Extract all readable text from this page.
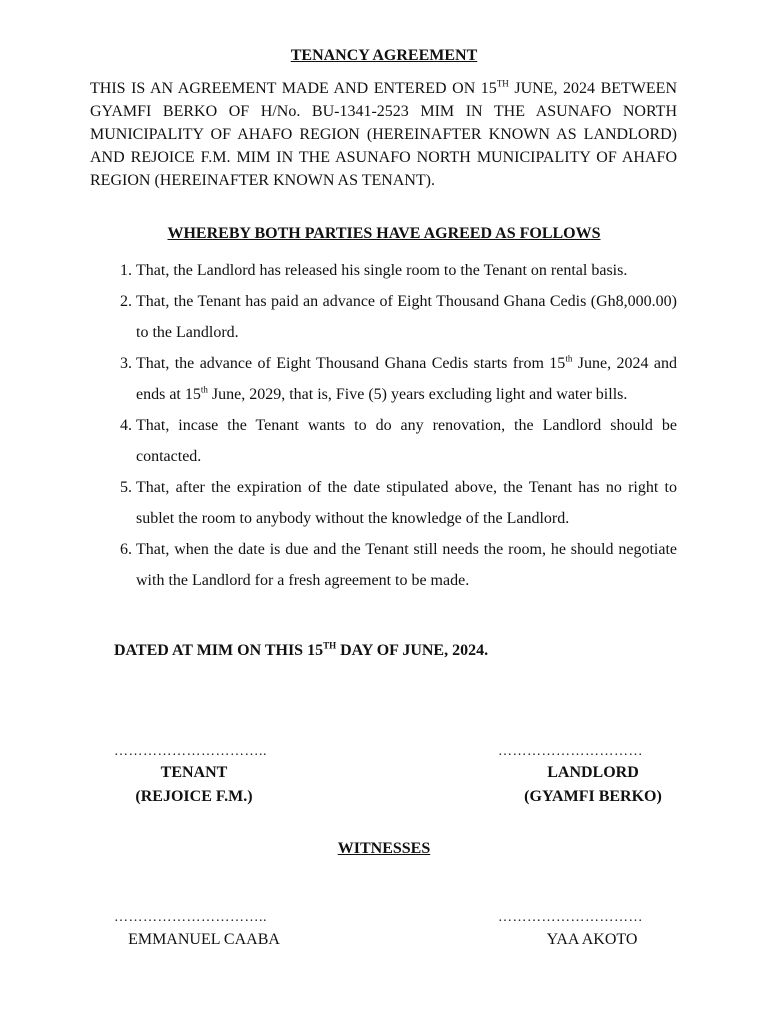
TENANCY AGREEMENT

THIS IS AN AGREEMENT MADE AND ENTERED ON 15TH JUNE, 2024 BETWEEN GYAMFI BERKO OF H/No. BU-1341-2523 MIM IN THE ASUNAFO NORTH MUNICIPALITY OF AHAFO REGION (HEREINAFTER KNOWN AS LANDLORD) AND REJOICE F.M. MIM IN THE ASUNAFO NORTH MUNICIPALITY OF AHAFO REGION (HEREINAFTER KNOWN AS TENANT).

WHEREBY BOTH PARTIES HAVE AGREED AS FOLLOWS
1. That, the Landlord has released his single room to the Tenant on rental basis.
2. That, the Tenant has paid an advance of Eight Thousand Ghana Cedis (Gh8,000.00) to the Landlord.
3. That, the advance of Eight Thousand Ghana Cedis starts from 15th June, 2024 and ends at 15th June, 2029, that is, Five (5) years excluding light and water bills.
4. That, incase the Tenant wants to do any renovation, the Landlord should be contacted.
5. That, after the expiration of the date stipulated above, the Tenant has no right to sublet the room to anybody without the knowledge of the Landlord.
6. That, when the date is due and the Tenant still needs the room, he should negotiate with the Landlord for a fresh agreement to be made.
DATED AT MIM ON THIS 15TH DAY OF JUNE, 2024.
…………………………..	…………………………
TENANT
(REJOICE F.M.)
LANDLORD
(GYAMFI BERKO)
WITNESSES
…………………………..	…………………………
EMMANUEL CAABA	YAA AKOTO
